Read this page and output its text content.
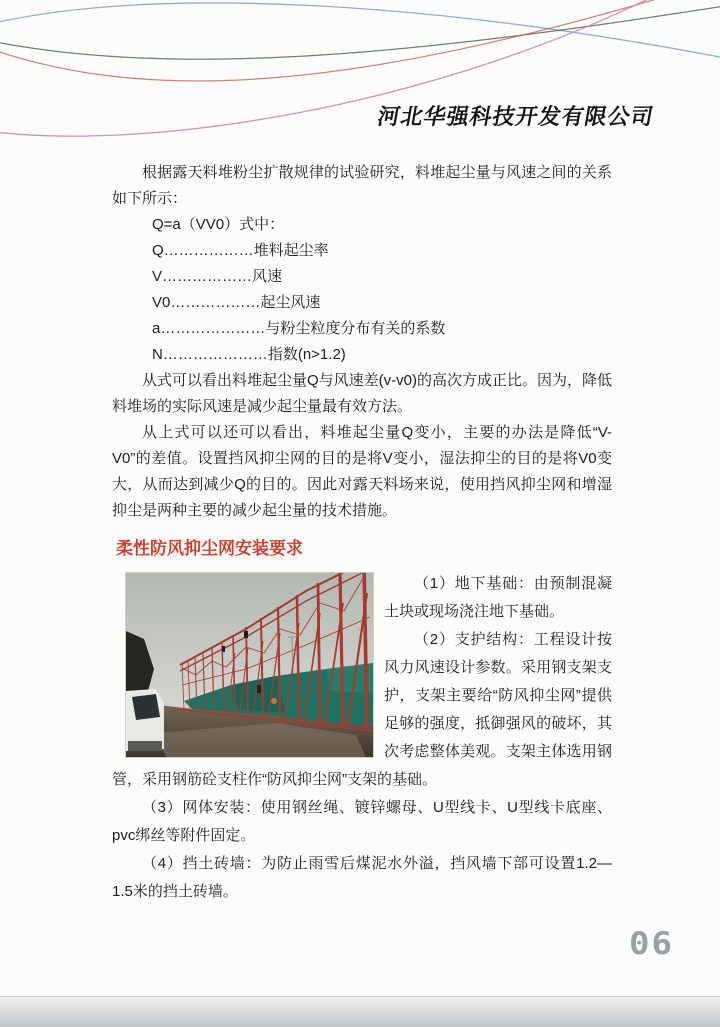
河北华强科技开发有限公司

根据露天料堆粉尘扩散规律的试验研究，料堆起尘量与风速之间的关系如下所示：

Q=a（VV0）式中：

Q………………堆料起尘率

V………………风速

V0………………起尘风速

a…………………与粉尘粒度分布有关的系数

N…………………指数(n>1.2)

从式可以看出料堆起尘量Q与风速差(v-v0)的高次方成正比。因为，降低料堆场的实际风速是减少起尘量最有效方法。

从上式可以还可以看出，料堆起尘量Q变小，主要的办法是降低“V-V0”的差值。设置挡风抑尘网的目的是将V变小，湿法抑尘的目的是将V0变大，从而达到减少Q的目的。因此对露天料场来说，使用挡风抑尘网和增湿抑尘是两种主要的减少起尘量的技术措施。

柔性防风抑尘网安装要求

（1）地下基础：由预制混凝土块或现场浇注地下基础。

（2）支护结构：工程设计按风力风速设计参数。采用钢支架支护，支架主要给“防风抑尘网”提供足够的强度，抵御强风的破坏，其次考虑整体美观。支架主体选用钢管，采用钢筋砼支柱作“防风抑尘网”支架的基础。

（3）网体安装：使用钢丝绳、镀锌螺母、U型线卡、U型线卡底座、pvc绑丝等附件固定。

（4）挡土砖墙：为防止雨雪后煤泥水外溢，挡风墙下部可设置1.2—1.5米的挡土砖墙。

06
